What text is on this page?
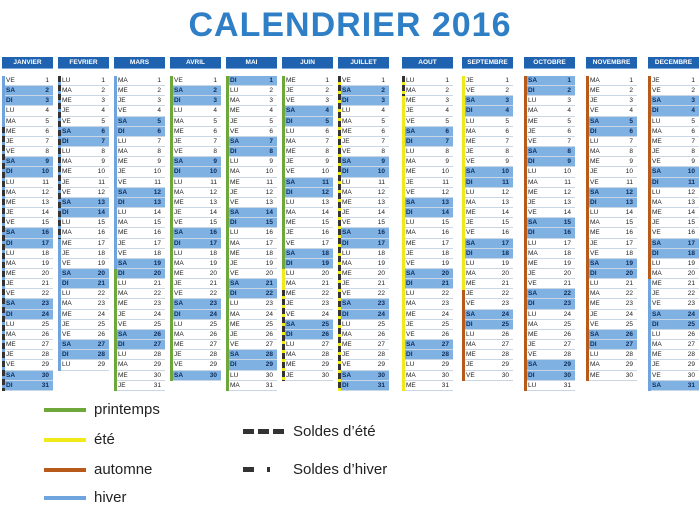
CALENDRIER 2016
JANVIER
VE	1
SA	2
DI	3
LU	4
MA	5
ME	6
JE	7
VE	8
SA	9
DI	10
LU	11
MA	12
ME	13
JE	14
VE	15
SA	16
DI	17
LU	18
MA	19
ME	20
JE	21
VE	22
SA	23
DI	24
LU	25
MA	26
ME	27
JE	28
VE	29
SA	30
DI	31
FEVRIER
LU	1
MA	2
ME	3
JE	4
VE	5
SA	6
DI	7
LU	8
MA	9
ME	10
JE	11
VE	12
SA	13
DI	14
LU	15
MA	16
ME	17
JE	18
VE	19
SA	20
DI	21
LU	22
MA	23
ME	24
JE	25
VE	26
SA	27
DI	28
LU	29
MARS
MA	1
ME	2
JE	3
VE	4
SA	5
DI	6
LU	7
MA	8
ME	9
JE	10
VE	11
SA	12
DI	13
LU	14
MA	15
ME	16
JE	17
VE	18
SA	19
DI	20
LU	21
MA	22
ME	23
JE	24
VE	25
SA	26
DI	27
LU	28
MA	29
ME	30
JE	31
AVRIL
VE	1
SA	2
DI	3
LU	4
MA	5
ME	6
JE	7
VE	8
SA	9
DI	10
LU	11
MA	12
ME	13
JE	14
VE	15
SA	16
DI	17
LU	18
MA	19
ME	20
JE	21
VE	22
SA	23
DI	24
LU	25
MA	26
ME	27
JE	28
VE	29
SA	30
MAI
DI	1
LU	2
MA	3
ME	4
JE	5
VE	6
SA	7
DI	8
LU	9
MA	10
ME	11
JE	12
VE	13
SA	14
DI	15
LU	16
MA	17
ME	18
JE	19
VE	20
SA	21
DI	22
LU	23
MA	24
ME	25
JE	26
VE	27
SA	28
DI	29
LU	30
MA	31
JUIN
ME	1
JE	2
VE	3
SA	4
DI	5
LU	6
MA	7
ME	8
JE	9
VE	10
SA	11
DI	12
LU	13
MA	14
ME	15
JE	16
VE	17
SA	18
DI	19
LU	20
MA	21
ME	22
JE	23
VE	24
SA	25
DI	26
LU	27
MA	28
ME	29
JE	30
JUILLET
VE	1
SA	2
DI	3
LU	4
MA	5
ME	6
JE	7
VE	8
SA	9
DI	10
LU	11
MA	12
ME	13
JE	14
VE	15
SA	16
DI	17
LU	18
MA	19
ME	20
JE	21
VE	22
SA	23
DI	24
LU	25
MA	26
ME	27
JE	28
VE	29
SA	30
DI	31
AOUT
LU	1
MA	2
ME	3
JE	4
VE	5
SA	6
DI	7
LU	8
MA	9
ME	10
JE	11
VE	12
SA	13
DI	14
LU	15
MA	16
ME	17
JE	18
VE	19
SA	20
DI	21
LU	22
MA	23
ME	24
JE	25
VE	26
SA	27
DI	28
LU	29
MA	30
ME	31
SEPTEMBRE
JE	1
VE	2
SA	3
DI	4
LU	5
MA	6
ME	7
JE	8
VE	9
SA	10
DI	11
LU	12
MA	13
ME	14
JE	15
VE	16
SA	17
DI	18
LU	19
MA	20
ME	21
JE	22
VE	23
SA	24
DI	25
LU	26
MA	27
ME	28
JE	29
VE	30
OCTOBRE
SA	1
DI	2
LU	3
MA	4
ME	5
JE	6
VE	7
SA	8
DI	9
LU	10
MA	11
ME	12
JE	13
VE	14
SA	15
DI	16
LU	17
MA	18
ME	19
JE	20
VE	21
SA	22
DI	23
LU	24
MA	25
ME	26
JE	27
VE	28
SA	29
DI	30
LU	31
NOVEMBRE
MA	1
ME	2
JE	3
VE	4
SA	5
DI	6
LU	7
MA	8
ME	9
JE	10
VE	11
SA	12
DI	13
LU	14
MA	15
ME	16
JE	17
VE	18
SA	19
DI	20
LU	21
MA	22
ME	23
JE	24
VE	25
SA	26
DI	27
LU	28
MA	29
ME	30
DECEMBRE
JE	1
VE	2
SA	3
DI	4
LU	5
MA	6
ME	7
JE	8
VE	9
SA	10
DI	11
LU	12
MA	13
ME	14
JE	15
VE	16
SA	17
DI	18
LU	19
MA	20
ME	21
JE	22
VE	23
SA	24
DI	25
LU	26
MA	27
ME	28
JE	29
VE	30
SA	31
printemps
été
automne
hiver
Soldes d’été
Soldes d’hiver
